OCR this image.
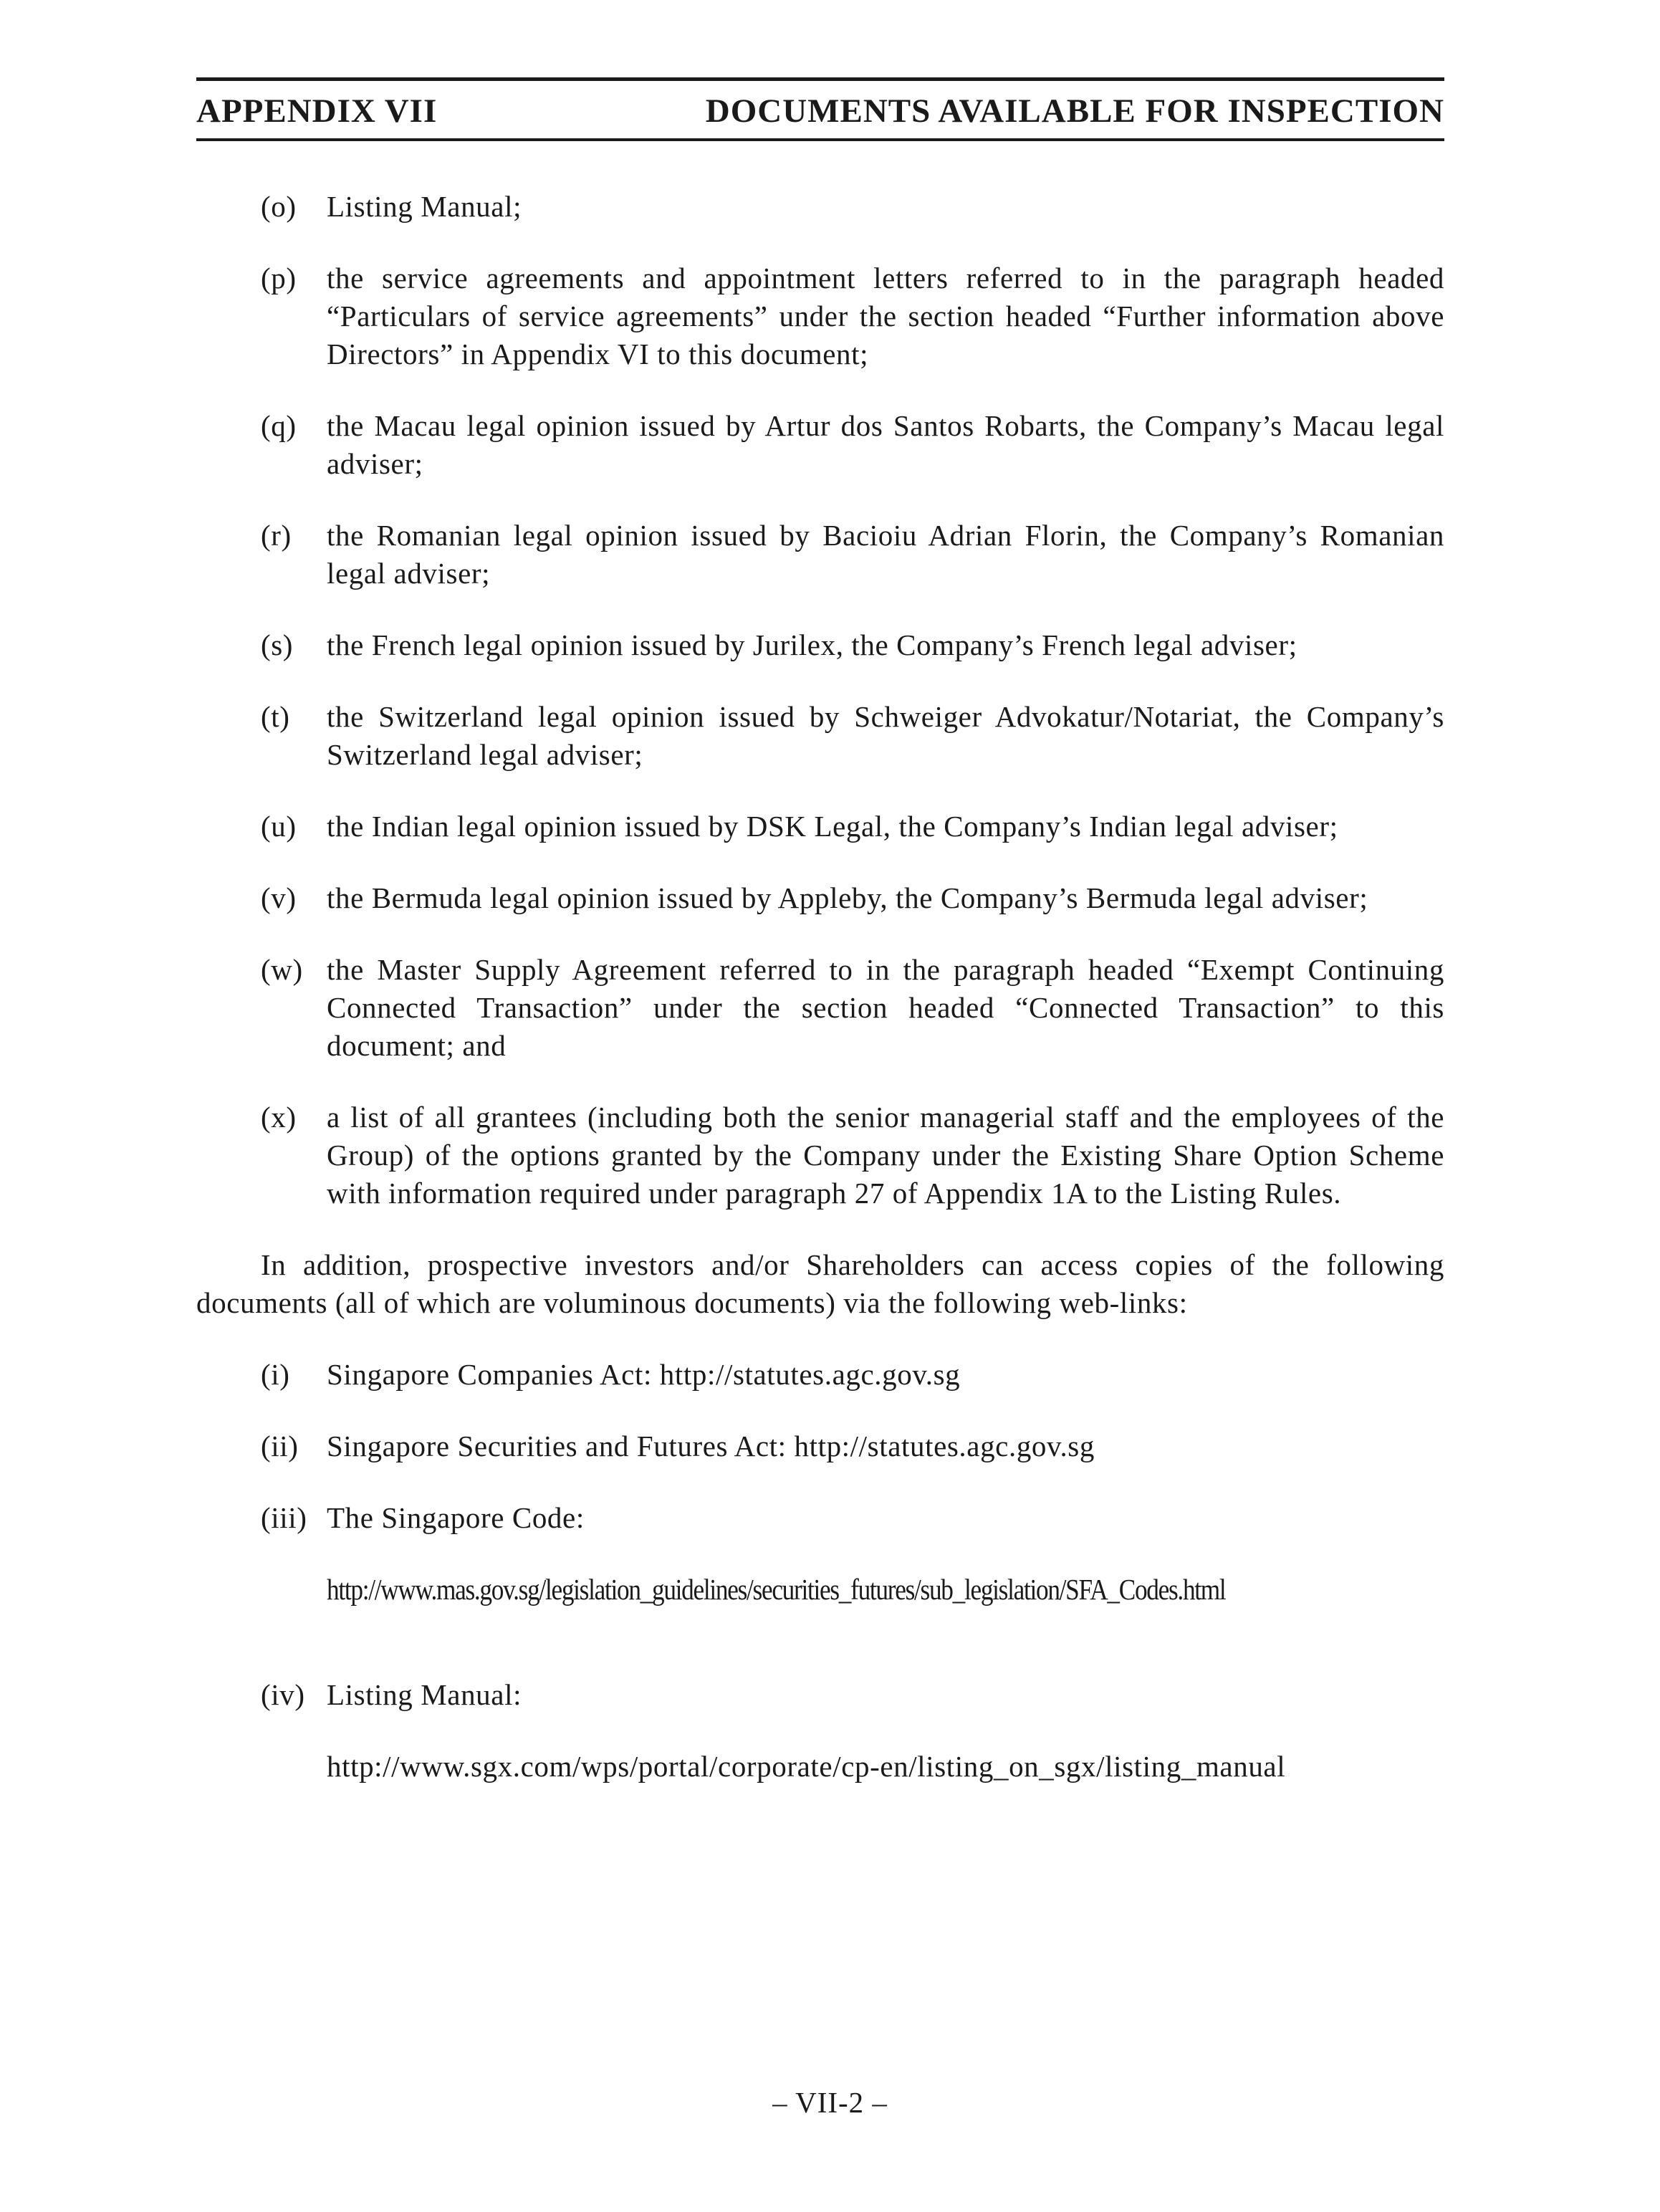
APPENDIX VII	DOCUMENTS AVAILABLE FOR INSPECTION
(o)	Listing Manual;
(p)	the service agreements and appointment letters referred to in the paragraph headed “Particulars of service agreements” under the section headed “Further information above Directors” in Appendix VI to this document;
(q)	the Macau legal opinion issued by Artur dos Santos Robarts, the Company’s Macau legal adviser;
(r)	the Romanian legal opinion issued by Bacioiu Adrian Florin, the Company’s Romanian legal adviser;
(s)	the French legal opinion issued by Jurilex, the Company’s French legal adviser;
(t)	the Switzerland legal opinion issued by Schweiger Advokatur/Notariat, the Company’s Switzerland legal adviser;
(u)	the Indian legal opinion issued by DSK Legal, the Company’s Indian legal adviser;
(v)	the Bermuda legal opinion issued by Appleby, the Company’s Bermuda legal adviser;
(w) the Master Supply Agreement referred to in the paragraph headed “Exempt Continuing Connected Transaction” under the section headed “Connected Transaction” to this document; and
(x)	a list of all grantees (including both the senior managerial staff and the employees of the Group) of the options granted by the Company under the Existing Share Option Scheme with information required under paragraph 27 of Appendix 1A to the Listing Rules.

In addition, prospective investors and/or Shareholders can access copies of the following documents (all of which are voluminous documents) via the following web-links:

(i)	Singapore Companies Act: http://statutes.agc.gov.sg
(ii) Singapore Securities and Futures Act: http://statutes.agc.gov.sg
(iii) The Singapore Code:
http://www.mas.gov.sg/legislation_guidelines/securities_futures/sub_legislation/SFA_Codes.html
(iv) Listing Manual:
http://www.sgx.com/wps/portal/corporate/cp-en/listing_on_sgx/listing_manual
– VII-2 –
